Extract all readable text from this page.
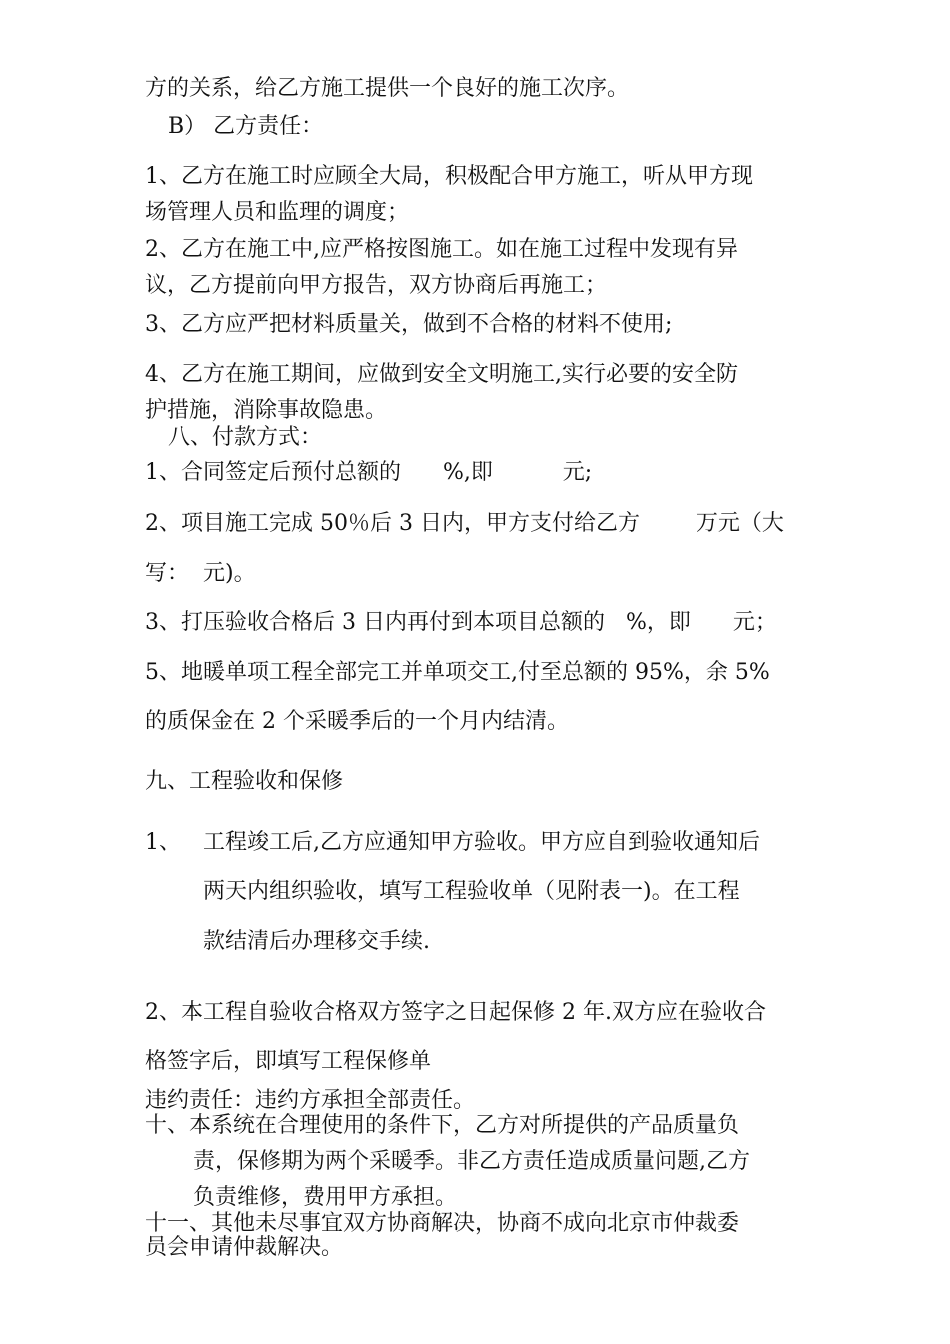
方的关系，给乙方施工提供一个良好的施工次序。
B） 乙方责任：
1、乙方在施工时应顾全大局，积极配合甲方施工，听从甲方现
场管理人员和监理的调度；
2、乙方在施工中,应严格按图施工。如在施工过程中发现有异
议，乙方提前向甲方报告，双方协商后再施工；
3、乙方应严把材料质量关，做到不合格的材料不使用;
4、乙方在施工期间，应做到安全文明施工,实行必要的安全防
护措施，消除事故隐患。
八、付款方式：
1、合同签定后预付总额的      %,即          元;
2、项目施工完成 50％后 3 日内，甲方支付给乙方        万元（大
写：  元)。
3、打压验收合格后 3 日内再付到本项目总额的   %，即      元；
5、地暖单项工程全部完工并单项交工,付至总额的 95%，余 5%
的质保金在 2 个采暖季后的一个月内结清。
九、工程验收和保修
1、 工程竣工后,乙方应通知甲方验收。甲方应自到验收通知后
两天内组织验收，填写工程验收单（见附表一)。在工程
款结清后办理移交手续.
2、本工程自验收合格双方签字之日起保修 2 年.双方应在验收合
格签字后，即填写工程保修单
违约责任：违约方承担全部责任。
十、本系统在合理使用的条件下，乙方对所提供的产品质量负
责，保修期为两个采暖季。非乙方责任造成质量问题,乙方
负责维修，费用甲方承担。
十一、其他未尽事宜双方协商解决，协商不成向北京市仲裁委
员会申请仲裁解决。
